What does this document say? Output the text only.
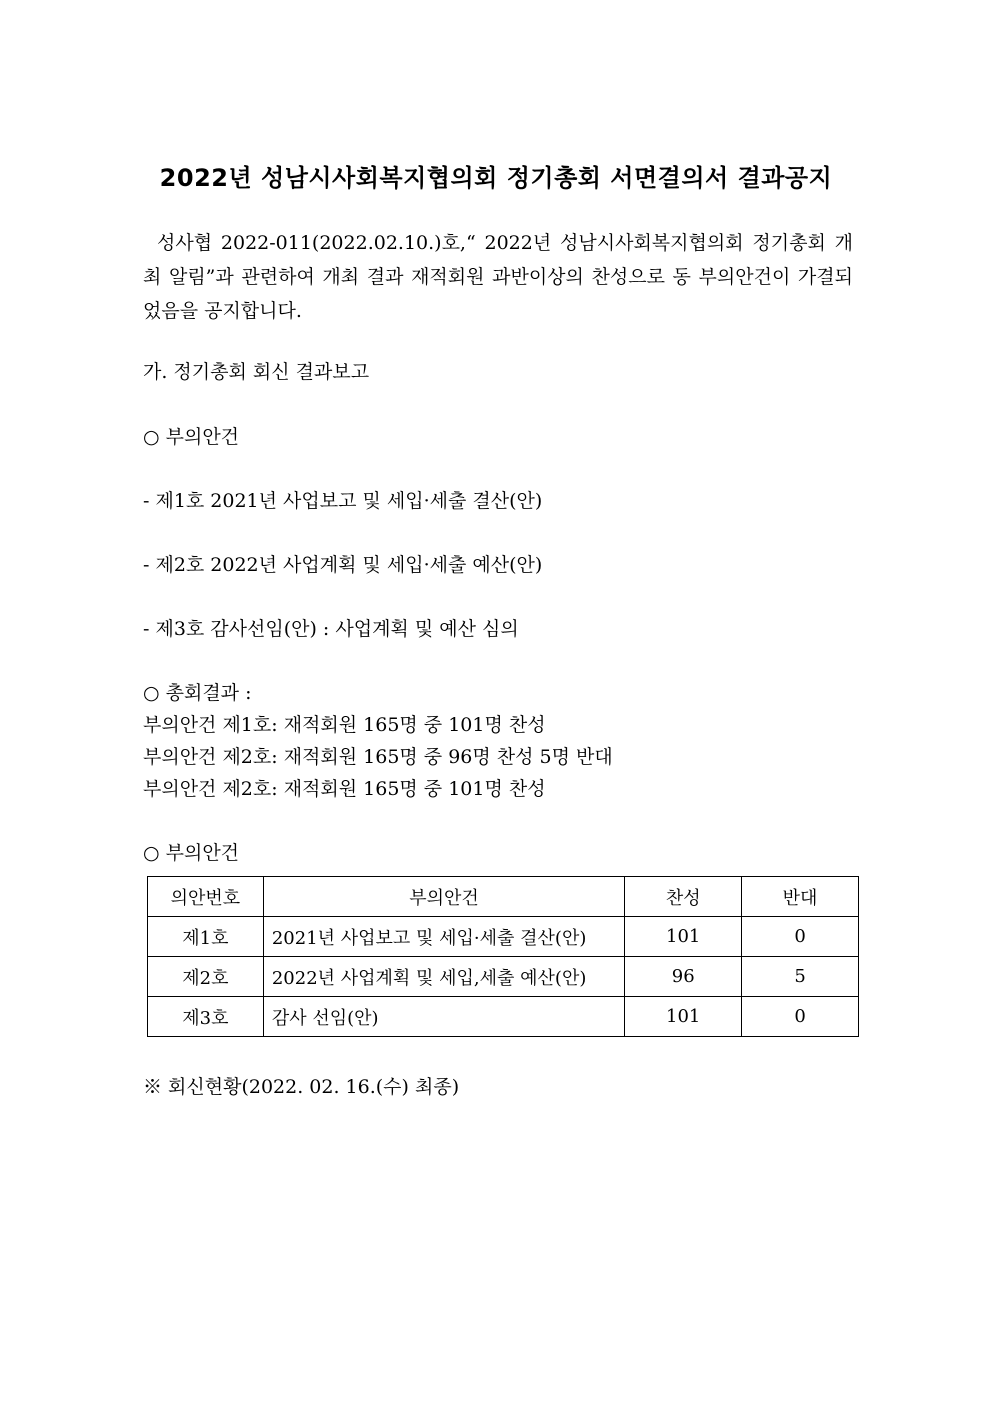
2022년 성남시사회복지협의회 정기총회 서면결의서 결과공지
성사협 2022-011(2022.02.10.)호,“ 2022년 성남시사회복지협의회 정기총회 개최 알림”과 관련하여 개최 결과 재적회원 과반이상의 찬성으로 동 부의안건이 가결되었음을 공지합니다.
가. 정기총회 회신 결과보고
○ 부의안건
- 제1호 2021년 사업보고 및 세입·세출 결산(안)
- 제2호 2022년 사업계획 및 세입·세출 예산(안)
- 제3호 감사선임(안) : 사업계획 및 예산 심의
○ 총회결과 :
부의안건 제1호: 재적회원 165명 중 101명 찬성
부의안건 제2호: 재적회원 165명 중 96명 찬성 5명 반대
부의안건 제2호: 재적회원 165명 중 101명 찬성
○ 부의안건
의안번호	부의안건	찬성	반대
제1호	2021년 사업보고 및 세입·세출 결산(안)	101	0
제2호	2022년 사업계획 및 세입,세출 예산(안)	96	5
제3호	감사 선임(안)	101	0
※ 회신현황(2022. 02. 16.(수) 최종)
